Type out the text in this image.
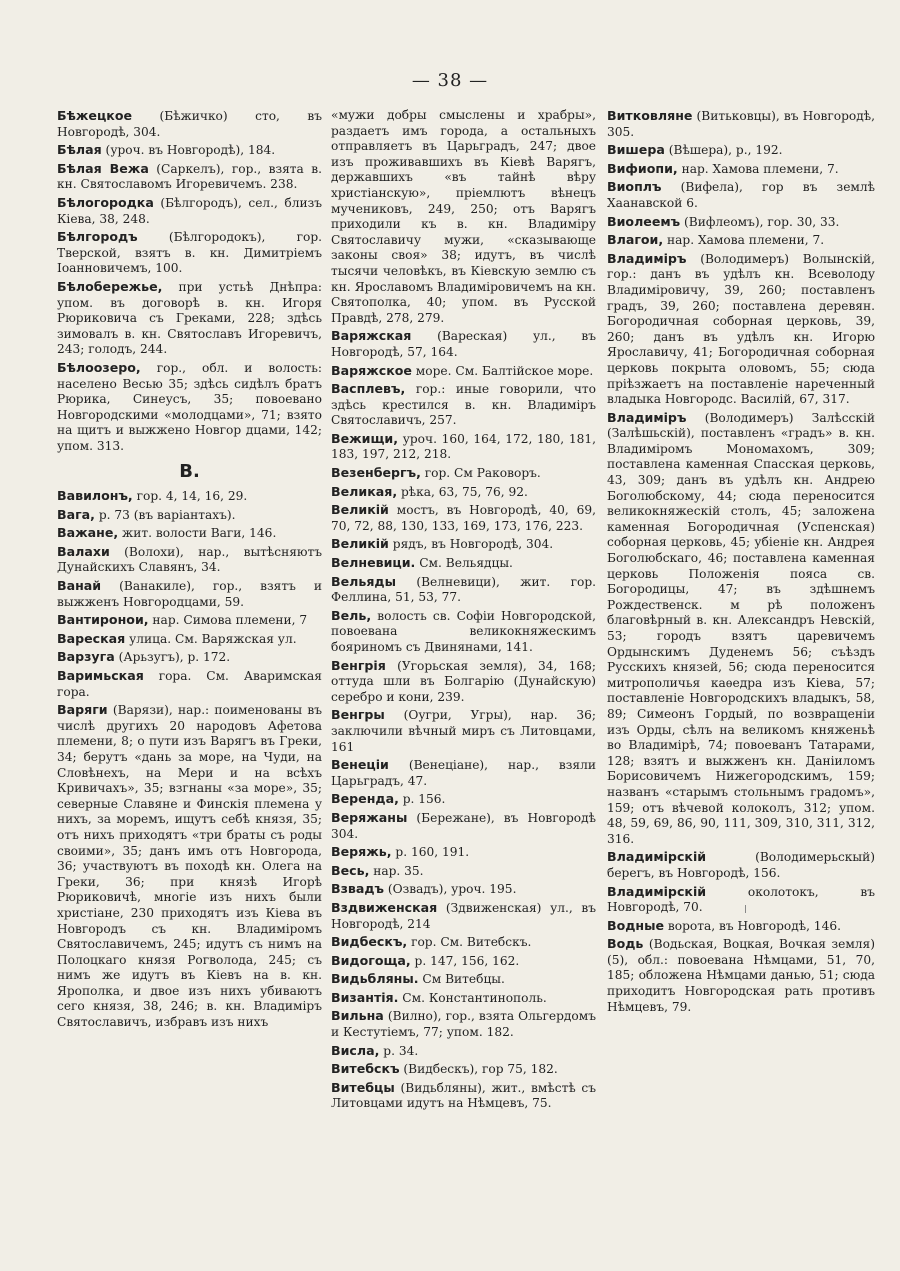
— 38 —
Бѣжецкое (Бѣжичко) сто, въ Новгородѣ, 304.
Бѣлая (уроч. въ Новгородѣ), 184.
Бѣлая Вежа (Саркелъ), гор., взята в. кн. Святославомъ Игоревичемъ. 238.
Бѣлогородка (Бѣлгородъ), сел., близъ Кіева, 38, 248.
Бѣлгородъ (Бѣлгородокъ), гор. Тверской, взятъ в. кн. Димитріемъ Іоанновичемъ, 100.
Бѣлобережье, при устьѣ Днѣпра: упом. въ договорѣ в. кн. Игоря Рюриковича съ Греками, 228; здѣсь зимовалъ в. кн. Святославъ Игоревичъ, 243; голодъ, 244.
Бѣлоозеро, гор., обл. и волость: населено Весью 35; здѣсь сидѣлъ братъ Рюрика, Синеусъ, 35; повоевано Новгородскими «молодцами», 71; взято на щитъ и выжжено Новгор дцами, 142; упом. 313.
В.
Вавилонъ, гор. 4, 14, 16, 29.
Вага, р. 73 (въ варіантахъ).
Важане, жит. волости Ваги, 146.
Валахи (Волохи), нар., вытѣсняютъ Дунайскихъ Славянъ, 34.
Ванай (Ванакиле), гор., взятъ и выжженъ Новгородцами, 59.
Вантиронои, нар. Симова племени, 7
Вареская улица. См. Варяжская ул.
Варзуга (Арьзугъ), р. 172.
Варимьская гора. См. Аваримская гора.
Варяги (Варязи), нар.: поименованы въ числѣ другихъ 20 народовъ Афетова племени, 8; о пути изъ Варягъ въ Греки, 34; берутъ «дань за море, на Чуди, на Словѣнехъ, на Мери и на всѣхъ Кривичахъ», 35; взгнаны «за море», 35; северные Славяне и Финскія племена у нихъ, за моремъ, ищутъ себѣ князя, 35; отъ нихъ приходятъ «три браты съ роды своими», 35; данъ имъ отъ Новгорода, 36; участвуютъ въ походѣ кн. Олега на Греки, 36; при князѣ Игорѣ Рюриковичѣ, многіе изъ нихъ были христіане, 230 приходятъ изъ Кіева въ Новгородъ съ кн. Владиміромъ Святославичемъ, 245; идутъ съ нимъ на Полоцкаго князя Рогволода, 245; съ нимъ же идутъ въ Кіевъ на в. кн. Ярополка, и двое изъ нихъ убиваютъ сего князя, 38, 246; в. кн. Владиміръ Святославичъ, избравъ изъ нихъ
«мужи добры смыслены и храбры», раздаетъ имъ города, а остальныхъ отправляетъ въ Царьградъ, 247; двое изъ проживавшихъ въ Кіевѣ Варягъ, державшихъ «въ тайнѣ вѣру христіанскую», пріемлютъ вѣнецъ мучениковъ, 249, 250; отъ Варягъ приходили къ в. кн. Владиміру Святославичу мужи, «сказывающе законы своя» 38; идутъ, въ числѣ тысячи человѣкъ, въ Кіевскую землю съ кн. Ярославомъ Владиміровичемъ на кн. Святополка, 40; упом. въ Русской Правдѣ, 278, 279.
Варяжская (Вареская) ул., въ Новгородѣ, 57, 164.
Варяжское море. См. Балтійское море.
Васплевъ, гор.: иные говорили, что здѣсь крестился в. кн. Владиміръ Святославичъ, 257.
Вежищи, уроч. 160, 164, 172, 180, 181, 183, 197, 212, 218.
Везенбергъ, гор. См Раковоръ.
Великая, рѣка, 63, 75, 76, 92.
Великій мостъ, въ Новгородѣ, 40, 69, 70, 72, 88, 130, 133, 169, 173, 176, 223.
Великій рядъ, въ Новгородѣ, 304.
Велневици. См. Вельядцы.
Вельяды (Велневици), жит. гор. Феллина, 51, 53, 77.
Вель, волость св. Софіи Новгородской, повоевана великокняжескимъ бояриномъ съ Двинянами, 141.
Венгрія (Угорьская земля), 34, 168; оттуда шли въ Болгарію (Дунайскую) серебро и кони, 239.
Венгры (Оугри, Угры), нар. 36; заключили вѣчный миръ съ Литовцами, 161
Венеціи (Венеціане), нар., взяли Царьградъ, 47.
Веренда, р. 156.
Веряжаны (Бережане), въ Новгородѣ 304.
Веряжь, р. 160, 191.
Весь, нар. 35.
Взвадъ (Озвадъ), уроч. 195.
Вздвиженская (Здвиженская) ул., въ Новгородѣ, 214
Видбескъ, гор. См. Витебскъ.
Видогоща, р. 147, 156, 162.
Видьбляны. См Витебцы.
Византія. См. Константинополь.
Вильна (Вилно), гор., взята Ольгердомъ и Кестутіемъ, 77; упом. 182.
Висла, р. 34.
Витебскъ (Видбескъ), гор 75, 182.
Витебцы (Видьбляны), жит., вмѣстѣ съ Литовцами идутъ на Нѣмцевъ, 75.
Витковляне (Витьковцы), въ Новгородѣ, 305.
Вишера (Вѣшера), р., 192.
Вифиопи, нар. Хамова племени, 7.
Виоплъ (Вифела), гор въ землѣ Хаанавской 6.
Виолеемъ (Вифлеомъ), гор. 30, 33.
Влагои, нар. Хамова племени, 7.
Владиміръ (Володимеръ) Волынскій, гор.: данъ въ удѣлъ кн. Всеволоду Владиміровичу, 39, 260; поставленъ градъ, 39, 260; поставлена деревян. Богородичная соборная церковь, 39, 260; данъ въ удѣлъ кн. Игорю Ярославичу, 41; Богородичная соборная церковь покрыта оловомъ, 55; сюда пріѣзжаетъ на поставленіе нареченный владыка Новгородс. Василій, 67, 317.
Владиміръ (Володимеръ) Залѣсскій (Залѣшьскій), поставленъ «градъ» в. кн. Владиміромъ Мономахомъ, 309; поставлена каменная Спасская церковь, 43, 309; данъ въ удѣлъ кн. Андрею Боголюбскому, 44; сюда переносится великокняжескій столъ, 45; заложена каменная Богородичная (Успенская) соборная церковь, 45; убіеніе кн. Андрея Боголюбскаго, 46; поставлена каменная церковь Положенія пояса св. Богородицы, 47; въ здѣшнемъ Рождественск. м рѣ положенъ благовѣрный в. кн. Александръ Невскій, 53; городъ взятъ царевичемъ Ордынскимъ Дуденемъ 56; съѣздъ Русскихъ князей, 56; сюда переносится митрополичья каѳедра изъ Кіева, 57; поставленіе Новгородскихъ владыкъ, 58, 89; Симеонъ Гордый, по возвращеніи изъ Орды, сѣлъ на великомъ княженьѣ во Владимірѣ, 74; повоеванъ Татарами, 128; взятъ и выжженъ кн. Даніиломъ Борисовичемъ Нижегородскимъ, 159; названъ «старымъ стольнымъ градомъ», 159; отъ вѣчевой колоколъ, 312; упом. 48, 59, 69, 86, 90, 111, 309, 310, 311, 312, 316.
Владимірскій (Володимерьскый) берегъ, въ Новгородѣ, 156.
Владимірскій околотокъ, въ Новгородѣ, 70.
Водные ворота, въ Новгородѣ, 146.
Водь (Водьская, Воцкая, Вочкая земля) (5), обл.: повоевана Нѣмцами, 51, 70, 185; обложена Нѣмцами данью, 51; сюда приходитъ Новгородская рать противъ Нѣмцевъ, 79.
